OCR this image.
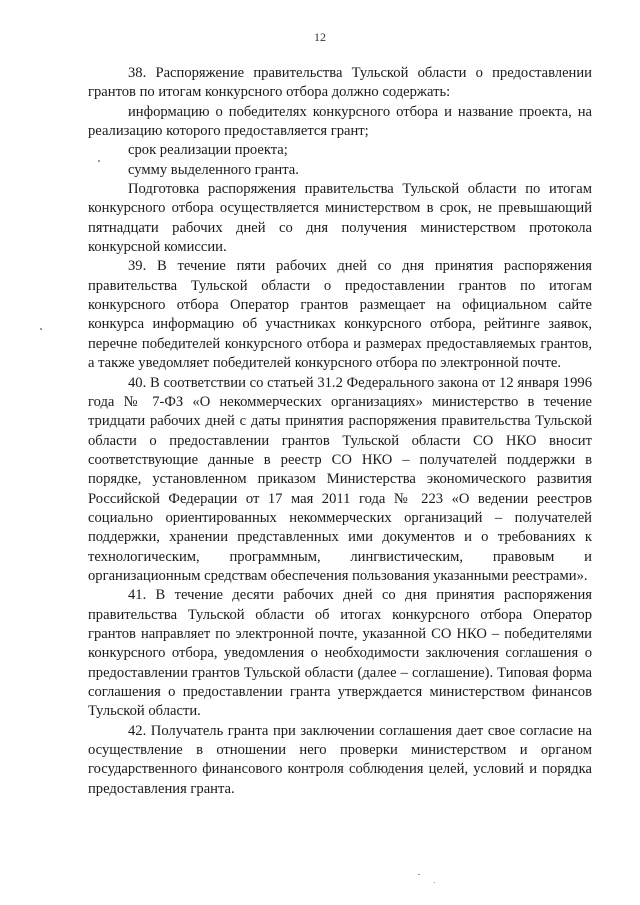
12

38. Распоряжение правительства Тульской области о предоставлении грантов по итогам конкурсного отбора должно содержать:

информацию о победителях конкурсного отбора и название проекта, на реализацию которого предоставляется грант;

срок реализации проекта;

сумму выделенного гранта.

Подготовка распоряжения правительства Тульской области по итогам конкурсного отбора осуществляется министерством в срок, не превышающий пятнадцати рабочих дней со дня получения министерством протокола конкурсной комиссии.

39. В течение пяти рабочих дней со дня принятия распоряжения правительства Тульской области о предоставлении грантов по итогам конкурсного отбора Оператор грантов размещает на официальном сайте конкурса информацию об участниках конкурсного отбора, рейтинге заявок, перечне победителей конкурсного отбора и размерах предоставляемых грантов, а также уведомляет победителей конкурсного отбора по электронной почте.

40. В соответствии со статьей 31.2 Федерального закона от 12 января 1996 года № 7-ФЗ «О некоммерческих организациях» министерство в течение тридцати рабочих дней с даты принятия распоряжения правительства Тульской области о предоставлении грантов Тульской области СО НКО вносит соответствующие данные в реестр СО НКО – получателей поддержки в порядке, установленном приказом Министерства экономического развития Российской Федерации от 17 мая 2011 года № 223 «О ведении реестров социально ориентированных некоммерческих организаций – получателей поддержки, хранении представленных ими документов и о требованиях к технологическим, программным, лингвистическим, правовым и организационным средствам обеспечения пользования указанными реестрами».

41. В течение десяти рабочих дней со дня принятия распоряжения правительства Тульской области об итогах конкурсного отбора Оператор грантов направляет по электронной почте, указанной СО НКО – победителями конкурсного отбора, уведомления о необходимости заключения соглашения о предоставлении грантов Тульской области (далее – соглашение). Типовая форма соглашения о предоставлении гранта утверждается министерством финансов Тульской области.

42. Получатель гранта при заключении соглашения дает свое согласие на осуществление в отношении него проверки министерством и органом государственного финансового контроля соблюдения целей, условий и порядка предоставления гранта.
